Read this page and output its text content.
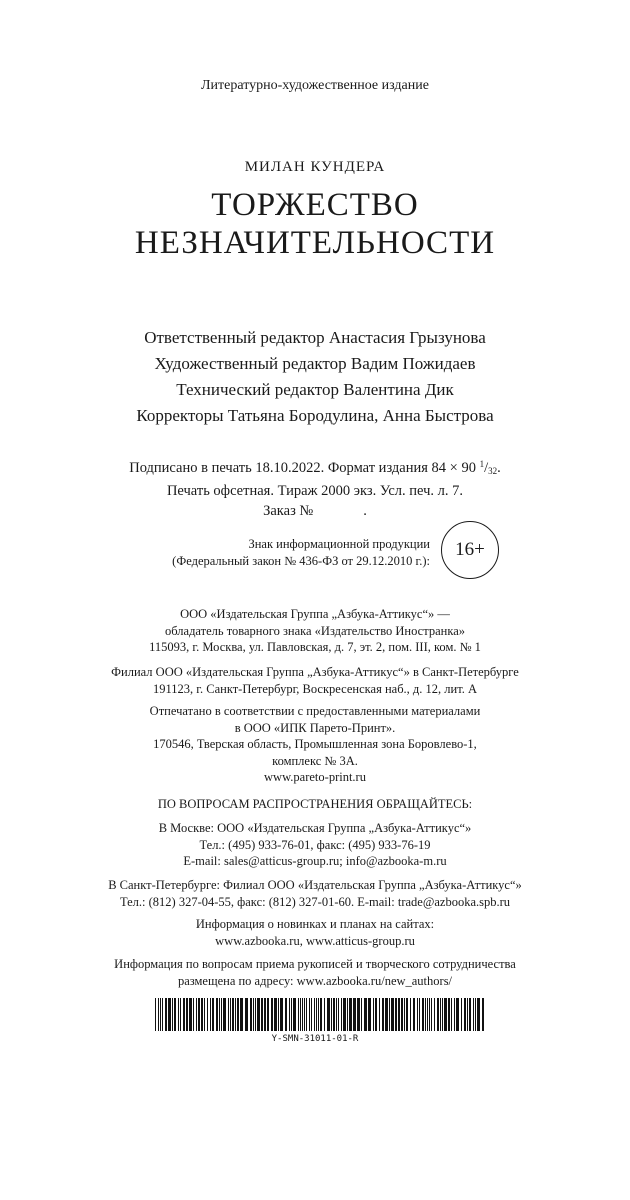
Литературно-художественное издание
МИЛАН КУНДЕРА
ТОРЖЕСТВО
НЕЗНАЧИТЕЛЬНОСТИ
Ответственный редактор Анастасия Грызунова
Художественный редактор Вадим Пожидаев
Технический редактор Валентина Дик
Корректоры Татьяна Бородулина, Анна Быстрова
Подписано в печать 18.10.2022. Формат издания 84 × 90 $^1/_{32}$.
Печать офсетная. Тираж 2000 экз. Усл. печ. л. 7.
Заказ №	.
Знак информационной продукции
(Федеральный закон № 436-ФЗ от 29.12.2010 г.):
16+
ООО «Издательская Группа „Азбука-Аттикус“» —
обладатель товарного знака «Издательство Иностранка»
115093, г. Москва, ул. Павловская, д. 7, эт. 2, пом. III, ком. № 1
Филиал ООО «Издательская Группа „Азбука-Аттикус“» в Санкт-Петербурге
191123, г. Санкт-Петербург, Воскресенская наб., д. 12, лит. А
Отпечатано в соответствии с предоставленными материалами
в ООО «ИПК Парето-Принт».
170546, Тверская область, Промышленная зона Боровлево-1,
комплекс № 3А.
www.pareto-print.ru
ПО ВОПРОСАМ РАСПРОСТРАНЕНИЯ ОБРАЩАЙТЕСЬ:
В Москве: ООО «Издательская Группа „Азбука-Аттикус“»
Тел.: (495) 933-76-01, факс: (495) 933-76-19
E-mail: sales@atticus-group.ru; info@azbooka-m.ru
В Санкт-Петербурге: Филиал ООО «Издательская Группа „Азбука-Аттикус“»
Тел.: (812) 327-04-55, факс: (812) 327-01-60. E-mail: trade@azbooka.spb.ru
Информация о новинках и планах на сайтах:
www.azbooka.ru, www.atticus-group.ru
Информация по вопросам приема рукописей и творческого сотрудничества
размещена по адресу: www.azbooka.ru/new_authors/
Y-SMN-31011-01-R
